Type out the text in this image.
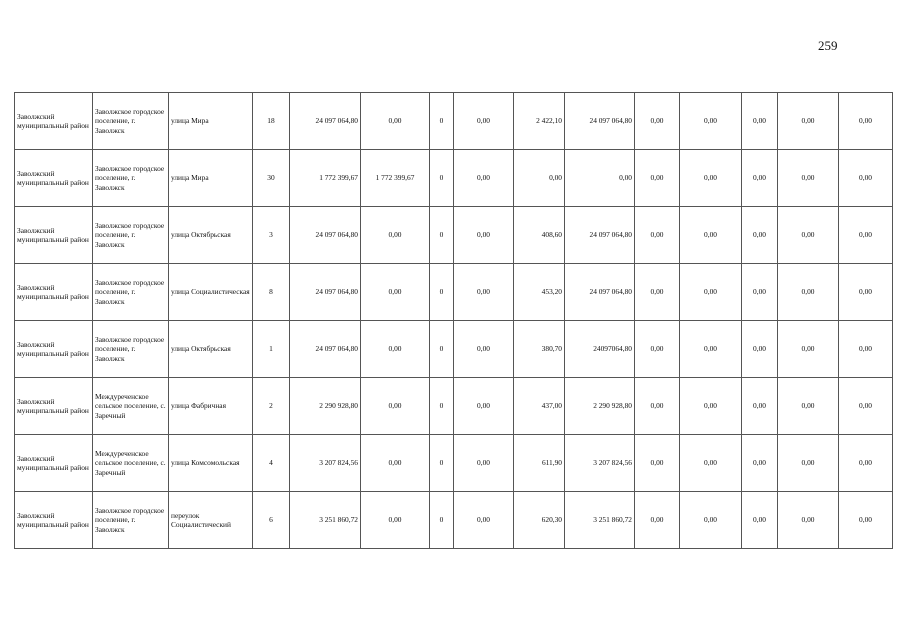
259
Заволжский муниципальный район	Заволжское городское поселение, г. Заволжск	улица Мира	18	24 097 064,80	0,00	0	0,00	2 422,10	24 097 064,80	0,00	0,00	0,00	0,00	0,00
Заволжский муниципальный район	Заволжское городское поселение, г. Заволжск	улица Мира	30	1 772 399,67	1 772 399,67	0	0,00	0,00	0,00	0,00	0,00	0,00	0,00	0,00
Заволжский муниципальный район	Заволжское городское поселение, г. Заволжск	улица Октябрьская	3	24 097 064,80	0,00	0	0,00	408,60	24 097 064,80	0,00	0,00	0,00	0,00	0,00
Заволжский муниципальный район	Заволжское городское поселение, г. Заволжск	улица Социалистическая	8	24 097 064,80	0,00	0	0,00	453,20	24 097 064,80	0,00	0,00	0,00	0,00	0,00
Заволжский муниципальный район	Заволжское городское поселение, г. Заволжск	улица Октябрьская	1	24 097 064,80	0,00	0	0,00	380,70	24097064,80	0,00	0,00	0,00	0,00	0,00
Заволжский муниципальный район	Междуреченское сельское поселение, с. Заречный	улица Фабричная	2	2 290 928,80	0,00	0	0,00	437,00	2 290 928,80	0,00	0,00	0,00	0,00	0,00
Заволжский муниципальный район	Междуреченское сельское поселение, с. Заречный	улица Комсомольская	4	3 207 824,56	0,00	0	0,00	611,90	3 207 824,56	0,00	0,00	0,00	0,00	0,00
Заволжский муниципальный район	Заволжское городское поселение, г. Заволжск	переулок Социалистический	6	3 251 860,72	0,00	0	0,00	620,30	3 251 860,72	0,00	0,00	0,00	0,00	0,00
